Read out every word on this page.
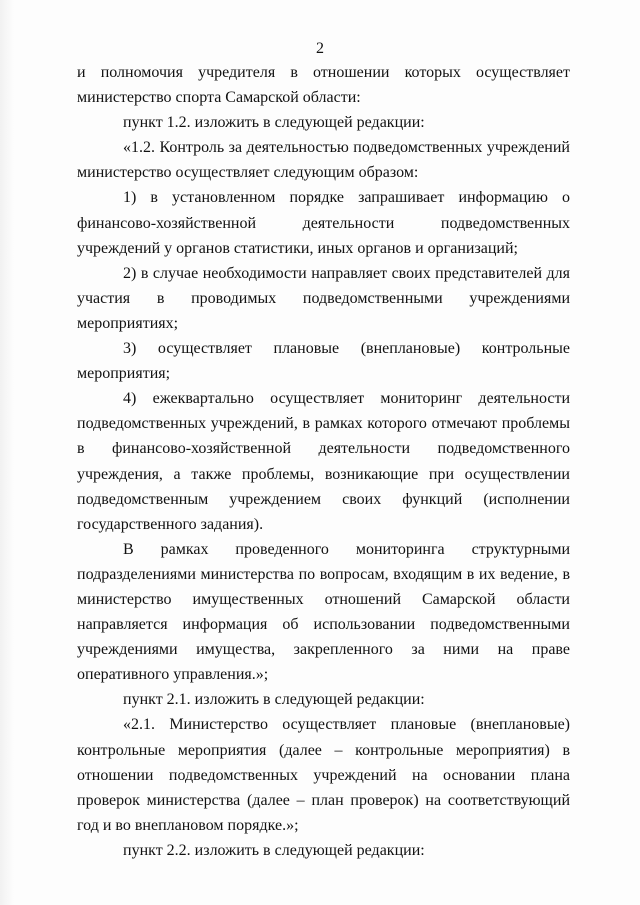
2

и полномочия учредителя в отношении которых осуществляет министерство спорта Самарской области:

пункт 1.2. изложить в следующей редакции:

«1.2. Контроль за деятельностью подведомственных учреждений министерство осуществляет следующим образом:

1) в установленном порядке запрашивает информацию о финансово-хозяйственной деятельности подведомственных учреждений у органов статистики, иных органов и организаций;

2) в случае необходимости направляет своих представителей для участия в проводимых подведомственными учреждениями мероприятиях;

3) осуществляет плановые (внеплановые) контрольные мероприятия;

4) ежеквартально осуществляет мониторинг деятельности подведомственных учреждений, в рамках которого отмечают проблемы в финансово-хозяйственной деятельности подведомственного учреждения, а также проблемы, возникающие при осуществлении подведомственным учреждением своих функций (исполнении государственного задания).

В рамках проведенного мониторинга структурными подразделениями министерства по вопросам, входящим в их ведение, в министерство имущественных отношений Самарской области направляется информация об использовании подведомственными учреждениями имущества, закрепленного за ними на праве оперативного управления.»;

пункт 2.1. изложить в следующей редакции:

«2.1. Министерство осуществляет плановые (внеплановые) контрольные мероприятия (далее – контрольные мероприятия) в отношении подведомственных учреждений на основании плана проверок министерства (далее – план проверок) на соответствующий год и во внеплановом порядке.»;

пункт 2.2. изложить в следующей редакции:
